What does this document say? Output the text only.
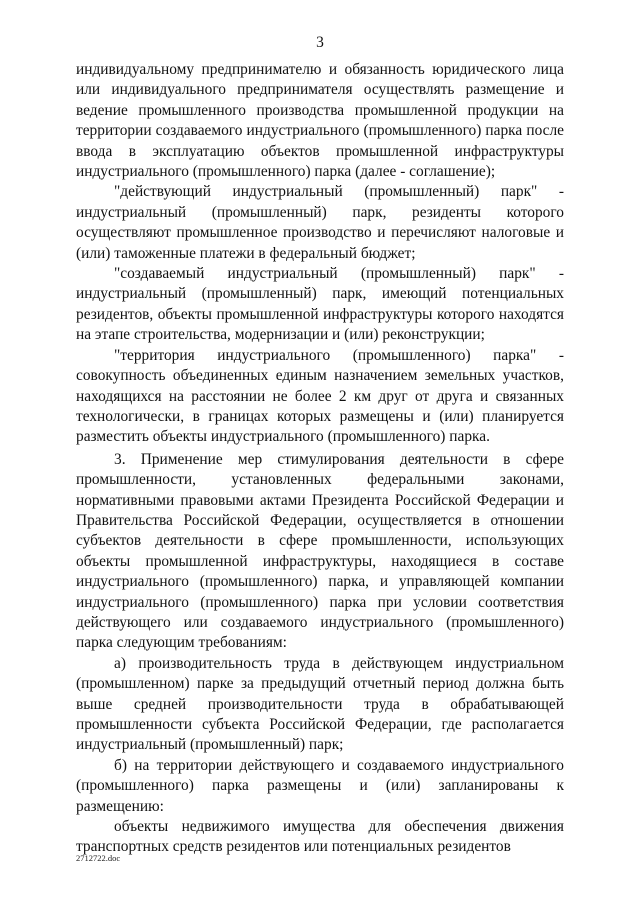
3

индивидуальному предпринимателю и обязанность юридического лица или индивидуального предпринимателя осуществлять размещение и ведение промышленного производства промышленной продукции на территории создаваемого индустриального (промышленного) парка после ввода в эксплуатацию объектов промышленной инфраструктуры индустриального (промышленного) парка (далее - соглашение);

"действующий индустриальный (промышленный) парк" - индустриальный (промышленный) парк, резиденты которого осуществляют промышленное производство и перечисляют налоговые и (или) таможенные платежи в федеральный бюджет;

"создаваемый индустриальный (промышленный) парк" - индустриальный (промышленный) парк, имеющий потенциальных резидентов, объекты промышленной инфраструктуры которого находятся на этапе строительства, модернизации и (или) реконструкции;

"территория индустриального (промышленного) парка" - совокупность объединенных единым назначением земельных участков, находящихся на расстоянии не более 2 км друг от друга и связанных технологически, в границах которых размещены и (или) планируется разместить объекты индустриального (промышленного) парка.

3. Применение мер стимулирования деятельности в сфере промышленности, установленных федеральными законами, нормативными правовыми актами Президента Российской Федерации и Правительства Российской Федерации, осуществляется в отношении субъектов деятельности в сфере промышленности, использующих объекты промышленной инфраструктуры, находящиеся в составе индустриального (промышленного) парка, и управляющей компании индустриального (промышленного) парка при условии соответствия действующего или создаваемого индустриального (промышленного) парка следующим требованиям:

а) производительность труда в действующем индустриальном (промышленном) парке за предыдущий отчетный период должна быть выше средней производительности труда в обрабатывающей промышленности субъекта Российской Федерации, где располагается индустриальный (промышленный) парк;

б) на территории действующего и создаваемого индустриального (промышленного) парка размещены и (или) запланированы к размещению:

объекты недвижимого имущества для обеспечения движения транспортных средств резидентов или потенциальных резидентов

2712722.doc
